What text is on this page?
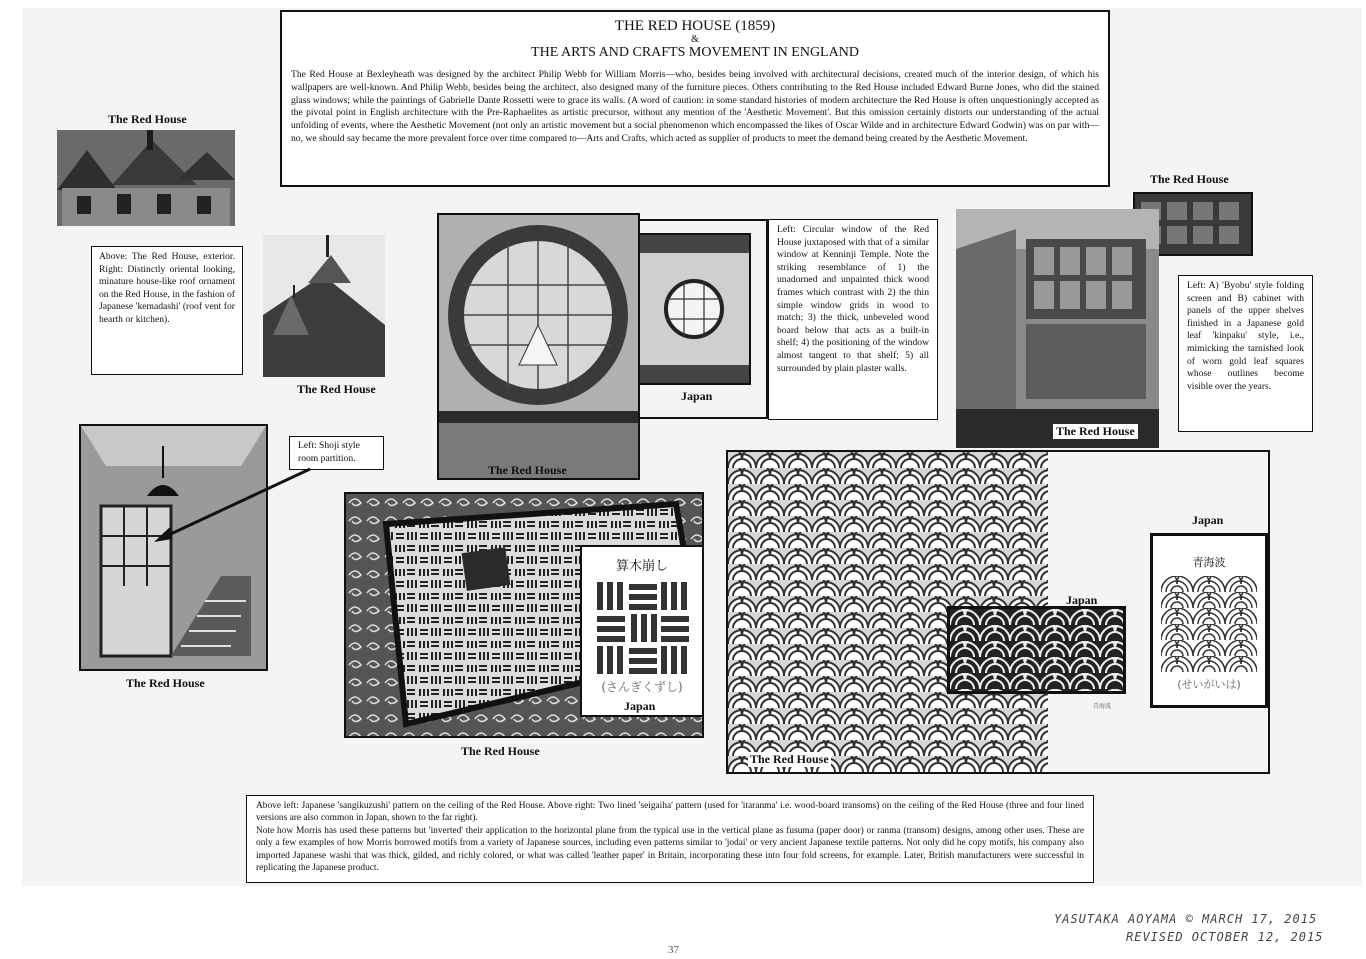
THE RED HOUSE (1859)
&
THE ARTS AND CRAFTS MOVEMENT IN ENGLAND
The Red House at Bexleyheath was designed by the architect Philip Webb for William Morris—who, besides being involved with architectural decisions, created much of the interior design, of which his wallpapers are well-known. And Philip Webb, besides being the architect, also designed many of the furniture pieces. Others contributing to the Red House included Edward Burne Jones, who did the stained glass windows; while the paintings of Gabrielle Dante Rossetti were to grace its walls. (A word of caution: in some standard histories of modern architecture the Red House is often unquestioningly accepted as the pivotal point in English architecture with the Pre-Raphaelites as artistic precursor, without any mention of the 'Aesthetic Movement'. But this omission certainly distorts our understanding of the actual unfolding of events, where the Aesthetic Movement (not only an artistic movement but a social phenomenon which encompassed the likes of Oscar Wilde and in architecture Edward Godwin) was on par with—no, we should say became the more prevalent force over time compared to—Arts and Crafts, which acted as supplier of products to meet the demand being created by the Aesthetic Movement.
The Red House
Above: The Red House, exterior. Right: Distinctly oriental looking, minature house-like roof ornament on the Red House, in the fashion of Japanese 'kemadashi' (roof vent for hearth or kitchen).
The Red House
The Red House
Left: Shoji style room partition.
The Red House
Japan
Left: Circular window of the Red House juxtaposed with that of a similar window at Kenninji Temple. Note the striking resemblance of 1) the unadorned and unpainted thick wood frames which contrast with 2) the thin simple window grids in wood to match; 3) the thick, unbeveled wood board below that acts as a built-in shelf; 4) the positioning of the window almost tangent to that shelf; 5) all surrounded by plain plaster walls.
The Red House
The Red House
Left: A) 'Byobu' style folding screen and B) cabinet with panels of the upper shelves finished in a Japanese gold leaf 'kinpaku' style, i.e., mimicking the tarnished look of worn gold leaf squares whose outlines become visible over the years.
算木崩し
(さんぎくずし)
Japan
The Red House
The Red House
Japan
青海波
Japan
青海波
(せいがいは)
Above left: Japanese 'sangikuzushi' pattern on the ceiling of the Red House. Above right: Two lined 'seigaiha' pattern (used for 'itaranma' i.e. wood-board transoms) on the ceiling of the Red House (three and four lined versions are also common in Japan, shown to the far right).
Note how Morris has used these patterns but 'inverted' their application to the horizontal plane from the typical use in the vertical plane as fusuma (paper door) or ranma (transom) designs, among other uses. These are only a few examples of how Morris borrowed motifs from a variety of Japanese sources, including even patterns similar to 'jodai' or very ancient Japanese textile patterns. Not only did he copy motifs, his company also imported Japanese washi that was thick, gilded, and richly colored, or what was called 'leather paper' in Britain, incorporating these into four fold screens, for example. Later, British manufacturers were successful in replicating the Japanese product.
YASUTAKA AOYAMA © MARCH 17, 2015
REVISED OCTOBER 12, 2015
37
